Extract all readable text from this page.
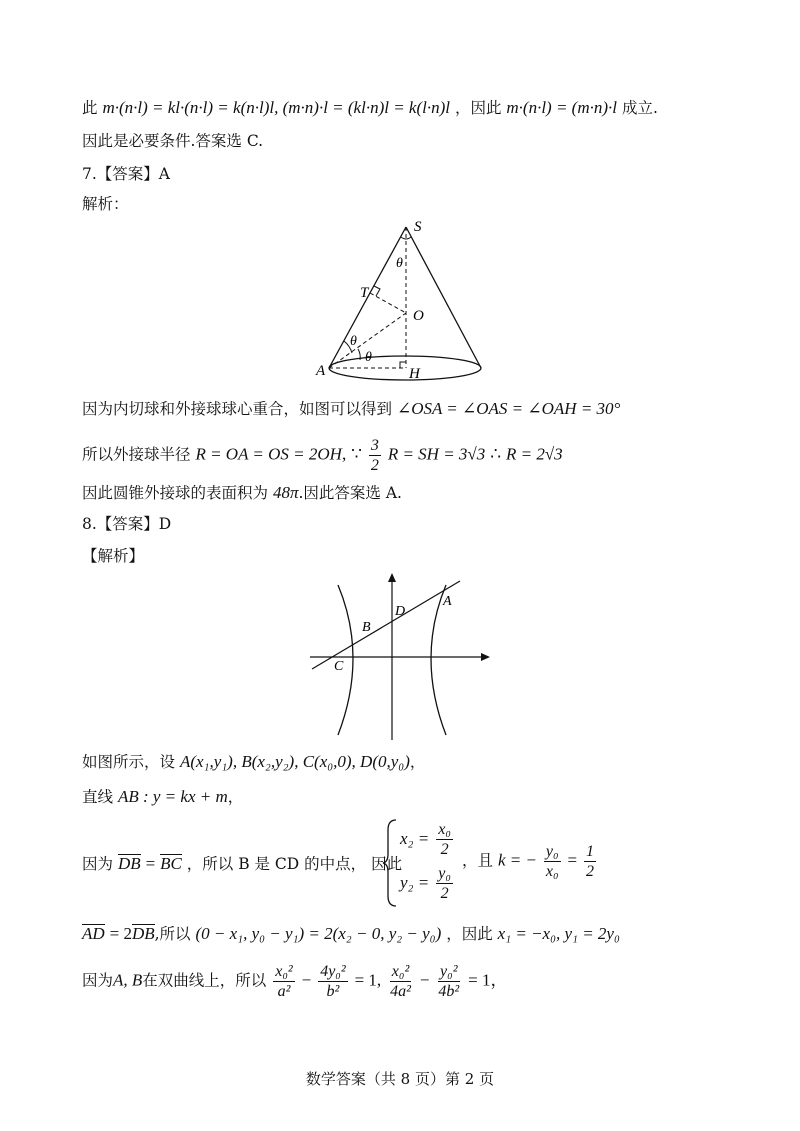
此 m·(n·l) = kl·(n·l) = k(n·l)l, (m·n)·l = (kl·n)l = k(l·n)l ，因此 m·(n·l) = (m·n)·l 成立.
因此是必要条件.答案选 C.
7.【答案】A
解析：
S
T
O
A	H
θ
θ
θ
因为内切球和外接球球心重合，如图可以得到 ∠OSA = ∠OAS = ∠OAH = 30°
所以外接球半径 R = OA = OS = 2OH, ∵ $\frac{3}{2}$ R = SH = 3√3 ∴ R = 2√3
因此圆锥外接球的表面积为 48π.因此答案选 A.
8.【答案】D
【解析】
A
B
C
D
如图所示，设 A(x₁,y₁), B(x₂,y₂), C(x₀,0), D(0,y₀)，
直线 AB : y = kx + m，
因为 DB = BC ，所以 B 是 CD 的中点， 因此
$x_2 = \frac{\text{x₀}}{2}$
$y_2 = \frac{\text{y₀}}{2}$
，且 k = − $\frac{\text{y₀}}{\text{x₀}} = \frac{1}{2}$
AD = 2DB,所以 (0 − x₁, y₀ − y₁) = 2(x₂ − 0, y₂ − y₀) ，因此 x₁ = −x₀, y₁ = 2y₀
因为A, B在双曲线上，所以 $\frac{\text{x₀²}}{\text{a²}} - \frac{\text{4y₀²}}{\text{b²}} = 1$, $\frac{\text{x₀²}}{\text{4a²}} - \frac{\text{y₀²}}{\text{4b²}} = 1$，
数学答案（共 8 页）第 2 页
